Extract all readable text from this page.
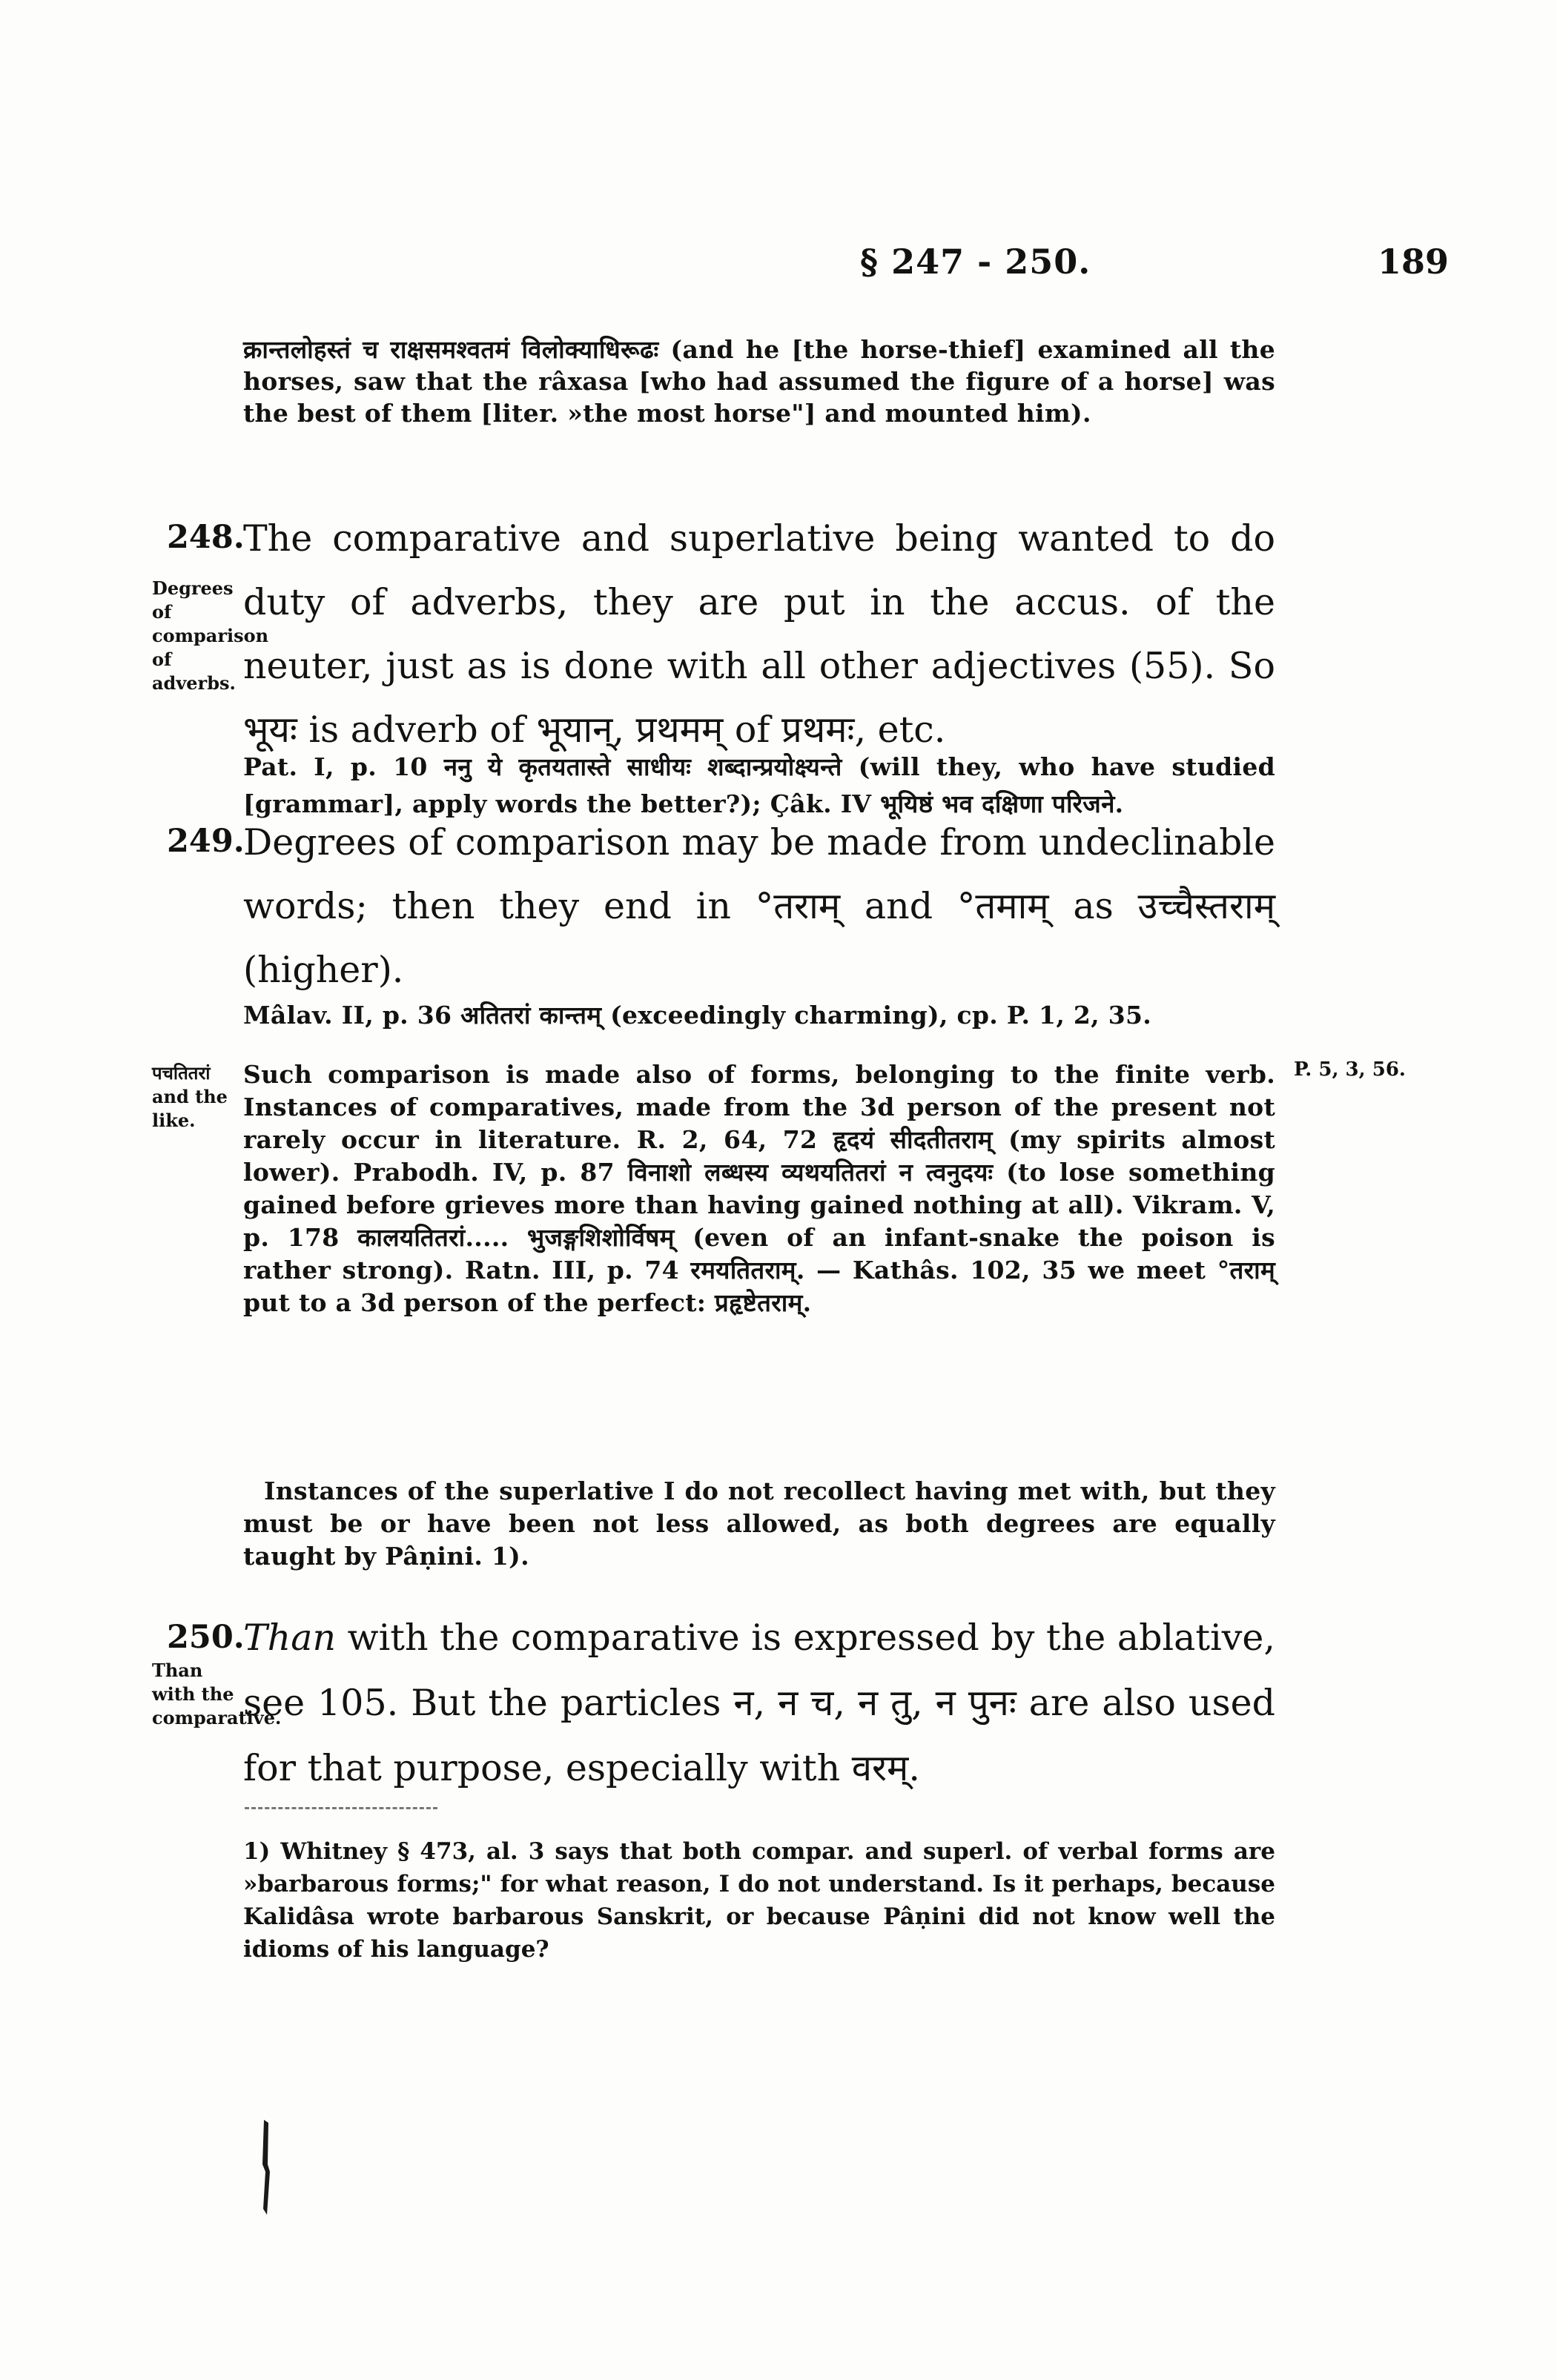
§ 247 - 250.	189

क्रान्तलोहस्तं च राक्षसमश्वतमं विलोक्याधिरूढः (and he [the horse-thief] examined all the horses, saw that the râxasa [who had assumed the figure of a horse] was the best of them [liter. »the most horse"] and mounted him).

248.
Degrees of comparison of adverbs.

The comparative and superlative being wanted to do duty of adverbs, they are put in the accus. of the neuter, just as is done with all other adjectives (55). So भूयः is adverb of भूयान्, प्रथमम् of प्रथमः, etc.

Pat. I, p. 10 ननु ये कृतयतास्ते साधीयः शब्दान्प्रयोक्ष्यन्ते (will they, who have studied [grammar], apply words the better?); Çâk. IV भूयिष्ठं भव दक्षिणा परिजने.

249.

Degrees of comparison may be made from undeclinable words; then they end in °तराम् and °तमाम् as उच्चैस्तराम् (higher).

Mâlav. II, p. 36 अतितरां कान्तम् (exceedingly charming), cp. P. 1, 2, 35.

पचतितरां and the like.
P. 5, 3, 56.

Such comparison is made also of forms, belonging to the finite verb. Instances of comparatives, made from the 3d person of the present not rarely occur in literature. R. 2, 64, 72 हृदयं सीदतीतराम् (my spirits almost lower). Prabodh. IV, p. 87 विनाशो लब्धस्य व्यथयतितरां न त्वनुदयः (to lose something gained before grieves more than having gained nothing at all). Vikram. V, p. 178 कालयतितरां..... भुजङ्गशिशोर्विषम् (even of an infant-snake the poison is rather strong). Ratn. III, p. 74 रमयतितराम्. — Kathâs. 102, 35 we meet °तराम् put to a 3d person of the perfect: प्रहृष्टेतराम्.

Instances of the superlative I do not recollect having met with, but they must be or have been not less allowed, as both degrees are equally taught by Pâṇini. 1).

250.
Than with the comparative.

Than with the comparative is expressed by the ablative, see 105. But the particles न, न च, न तु, न पुनः are also used for that purpose, especially with वरम्.

1) Whitney § 473, al. 3 says that both compar. and superl. of verbal forms are »barbarous forms;" for what reason, I do not understand. Is it perhaps, because Kalidâsa wrote barbarous Sanskrit, or because Pâṇini did not know well the idioms of his language?
